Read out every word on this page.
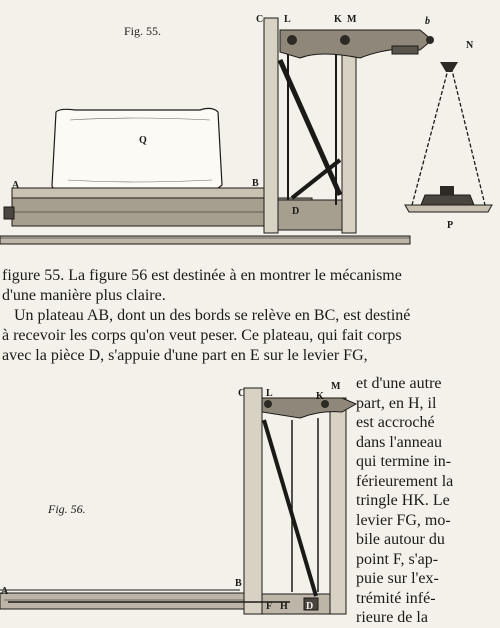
Fig. 55.
C L	K M	b
N
Q
A	B
D
P
figure 55. La figure 56 est destinée à en montrer le mécanisme
d'une manière plus claire.
Un plateau AB, dont un des bords se relève en BC, est destiné
à recevoir les corps qu'on veut peser. Ce plateau, qui fait corps
avec la pièce D, s'appuie d'une part en E sur le levier FG,
Fig. 56.
C L	K
M
B
A
F H D
et d'une autre
part, en H, il
est accroché
dans l'anneau
qui termine in-
férieurement la
tringle HK. Le
levier FG, mo-
bile autour du
point F, s'ap-
puie sur l'ex-
trémité infé-
rieure de la
